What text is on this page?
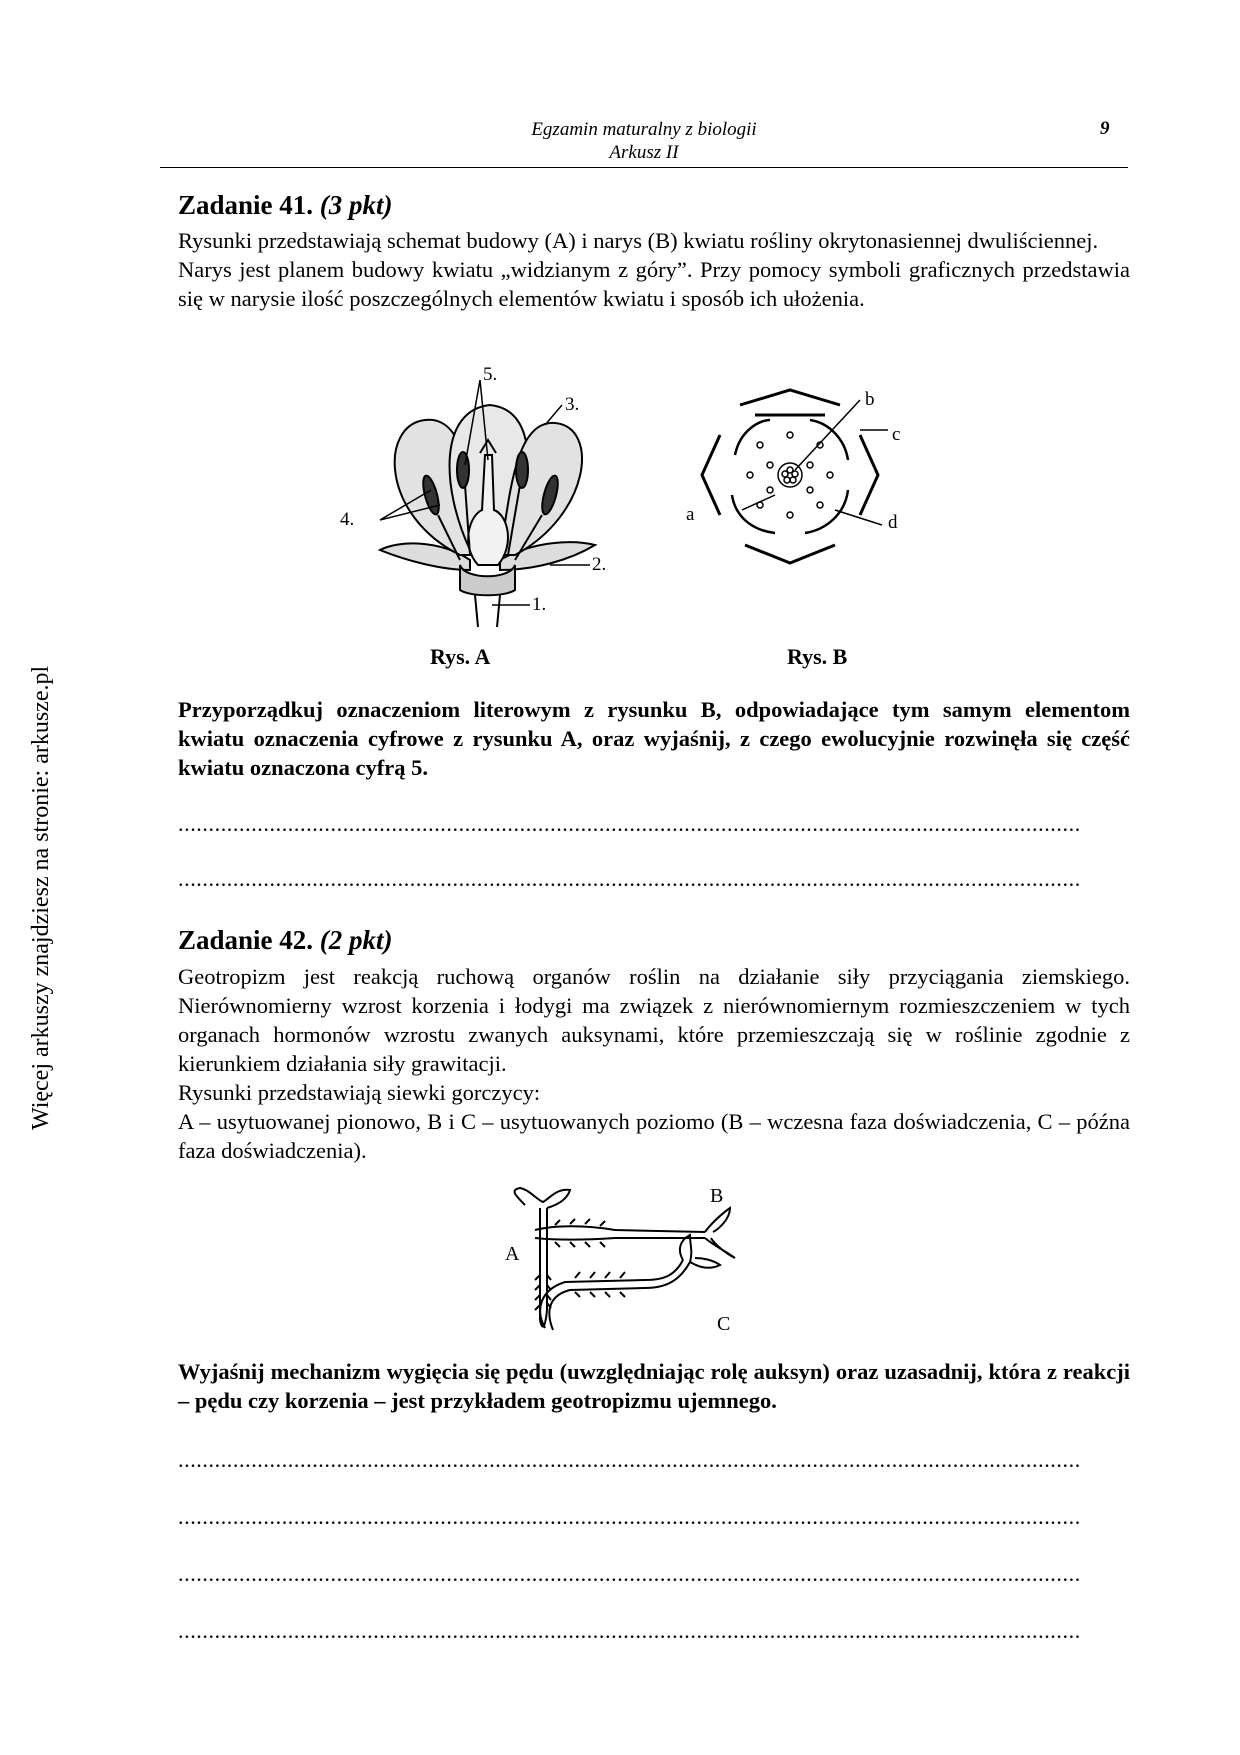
Egzamin maturalny z biologii
Arkusz II
9
Więcej arkuszy znajdziesz na stronie: arkusze.pl
Zadanie 41. (3 pkt)
Rysunki przedstawiają schemat budowy (A) i narys (B) kwiatu rośliny okrytonasiennej dwuliściennej.
Narys jest planem budowy kwiatu „widzianym z góry”. Przy pomocy symboli graficznych przedstawia się w narysie ilość poszczególnych elementów kwiatu i sposób ich ułożenia.
5.
3.
4.
2.
1.
b
c
a	d
Rys. A	Rys. B
Przyporządkuj oznaczeniom literowym z rysunku B, odpowiadające tym samym elementom kwiatu oznaczenia cyfrowe z rysunku A, oraz wyjaśnij, z czego ewolucyjnie rozwinęła się część kwiatu oznaczona cyfrą 5.
....................................................................................................................................................
....................................................................................................................................................
Zadanie 42. (2 pkt)
Geotropizm jest reakcją ruchową organów roślin na działanie siły przyciągania ziemskiego. Nierównomierny wzrost korzenia i łodygi ma związek z nierównomiernym rozmieszczeniem w tych organach hormonów wzrostu zwanych auksynami, które przemieszczają się w roślinie zgodnie z kierunkiem działania siły grawitacji.
Rysunki przedstawiają siewki gorczycy:
A – usytuowanej pionowo, B i C – usytuowanych poziomo (B – wczesna faza doświadczenia, C – późna faza doświadczenia).
A
B
C
Wyjaśnij mechanizm wygięcia się pędu (uwzględniając rolę auksyn) oraz uzasadnij, która z reakcji – pędu czy korzenia – jest przykładem geotropizmu ujemnego.
....................................................................................................................................................
....................................................................................................................................................
....................................................................................................................................................
....................................................................................................................................................
